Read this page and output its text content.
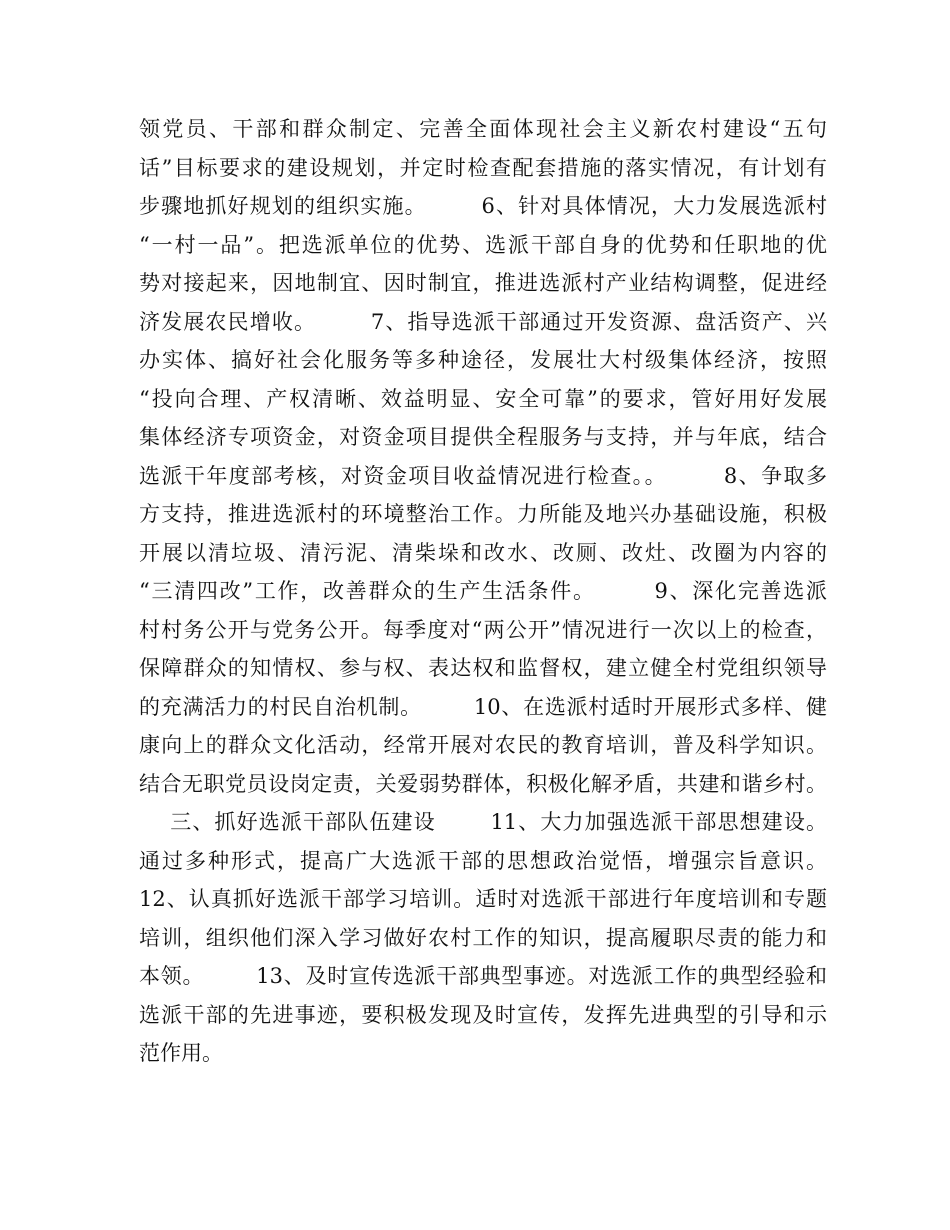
领党员、干部和群众制定、完善全面体现社会主义新农村建设“五句
话”目标要求的建设规划，并定时检查配套措施的落实情况，有计划有
步骤地抓好规划的组织实施。       6、针对具体情况，大力发展选派村
“一村一品”。把选派单位的优势、选派干部自身的优势和任职地的优
势对接起来，因地制宜、因时制宜，推进选派村产业结构调整，促进经
济发展农民增收。       7、指导选派干部通过开发资源、盘活资产、兴
办实体、搞好社会化服务等多种途径，发展壮大村级集体经济，按照
“投向合理、产权清晰、效益明显、安全可靠”的要求，管好用好发展
集体经济专项资金，对资金项目提供全程服务与支持，并与年底，结合
选派干年度部考核，对资金项目收益情况进行检查。。       8、争取多
方支持，推进选派村的环境整治工作。力所能及地兴办基础设施，积极
开展以清垃圾、清污泥、清柴垛和改水、改厕、改灶、改圈为内容的
“三清四改”工作，改善群众的生产生活条件。       9、深化完善选派
村村务公开与党务公开。每季度对“两公开”情况进行一次以上的检查，
保障群众的知情权、参与权、表达权和监督权，建立健全村党组织领导
的充满活力的村民自治机制。       10、在选派村适时开展形式多样、健
康向上的群众文化活动，经常开展对农民的教育培训，普及科学知识。
结合无职党员设岗定责，关爱弱势群体，积极化解矛盾，共建和谐乡村。
三、抓好选派干部队伍建设       11、大力加强选派干部思想建设。
通过多种形式，提高广大选派干部的思想政治觉悟，增强宗旨意识。
12、认真抓好选派干部学习培训。适时对选派干部进行年度培训和专题
培训，组织他们深入学习做好农村工作的知识，提高履职尽责的能力和
本领。       13、及时宣传选派干部典型事迹。对选派工作的典型经验和
选派干部的先进事迹，要积极发现及时宣传，发挥先进典型的引导和示
范作用。
